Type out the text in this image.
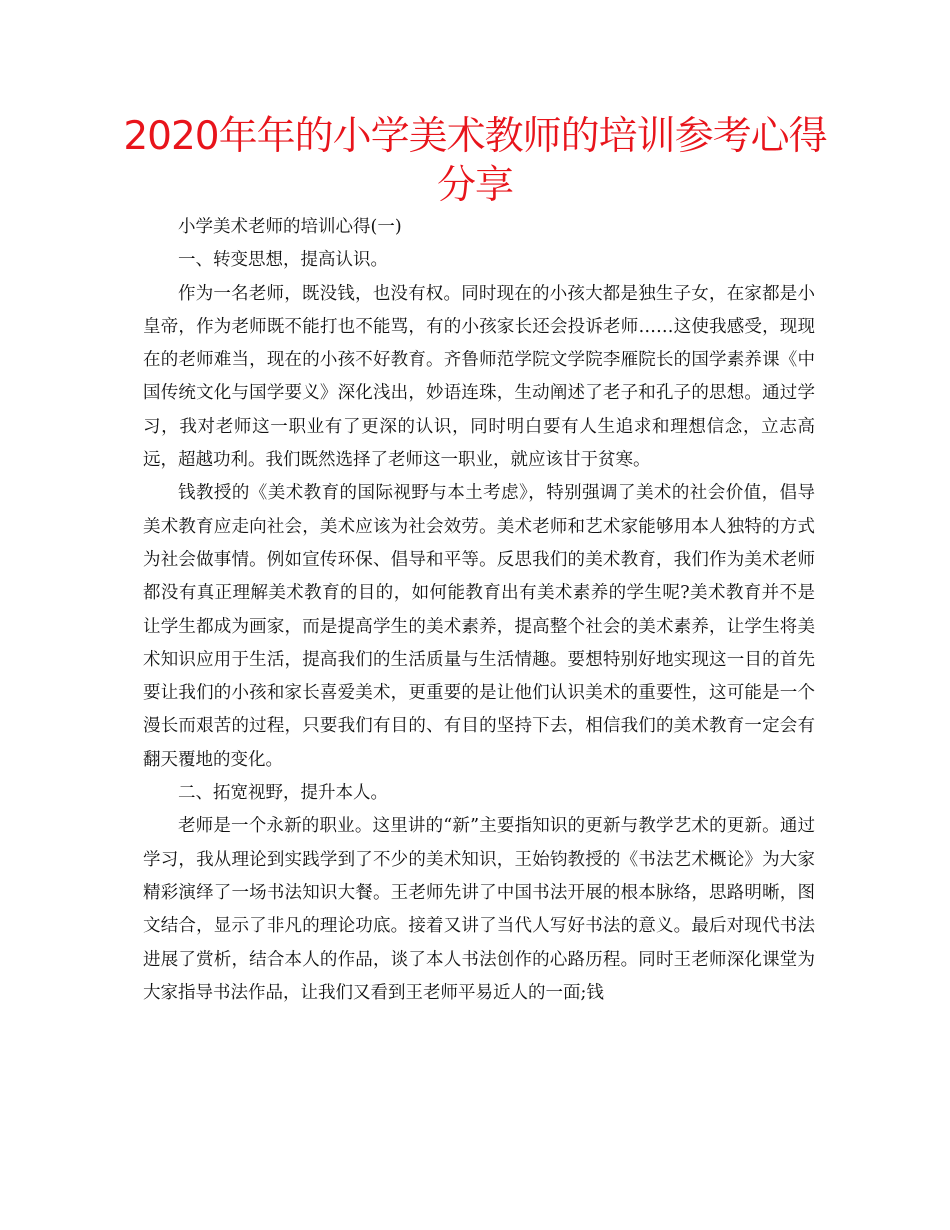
2020年年的小学美术教师的培训参考心得分享

小学美术老师的培训心得(一)

一、转变思想，提高认识。

作为一名老师，既没钱，也没有权。同时现在的小孩大都是独生子女，在家都是小皇帝，作为老师既不能打也不能骂，有的小孩家长还会投诉老师……这使我感受，现现在的老师难当，现在的小孩不好教育。齐鲁师范学院文学院李雁院长的国学素养课《中国传统文化与国学要义》深化浅出，妙语连珠，生动阐述了老子和孔子的思想。通过学习，我对老师这一职业有了更深的认识，同时明白要有人生追求和理想信念，立志高远，超越功利。我们既然选择了老师这一职业，就应该甘于贫寒。

钱教授的《美术教育的国际视野与本土考虑》，特别强调了美术的社会价值，倡导美术教育应走向社会，美术应该为社会效劳。美术老师和艺术家能够用本人独特的方式为社会做事情。例如宣传环保、倡导和平等。反思我们的美术教育，我们作为美术老师都没有真正理解美术教育的目的，如何能教育出有美术素养的学生呢?美术教育并不是让学生都成为画家，而是提高学生的美术素养，提高整个社会的美术素养，让学生将美术知识应用于生活，提高我们的生活质量与生活情趣。要想特别好地实现这一目的首先要让我们的小孩和家长喜爱美术，更重要的是让他们认识美术的重要性，这可能是一个漫长而艰苦的过程，只要我们有目的、有目的坚持下去，相信我们的美术教育一定会有翻天覆地的变化。

二、拓宽视野，提升本人。

老师是一个永新的职业。这里讲的“新”主要指知识的更新与教学艺术的更新。通过学习，我从理论到实践学到了不少的美术知识，王始钧教授的《书法艺术概论》为大家精彩演绎了一场书法知识大餐。王老师先讲了中国书法开展的根本脉络，思路明晰，图文结合，显示了非凡的理论功底。接着又讲了当代人写好书法的意义。最后对现代书法进展了赏析，结合本人的作品，谈了本人书法创作的心路历程。同时王老师深化课堂为大家指导书法作品，让我们又看到王老师平易近人的一面;钱
